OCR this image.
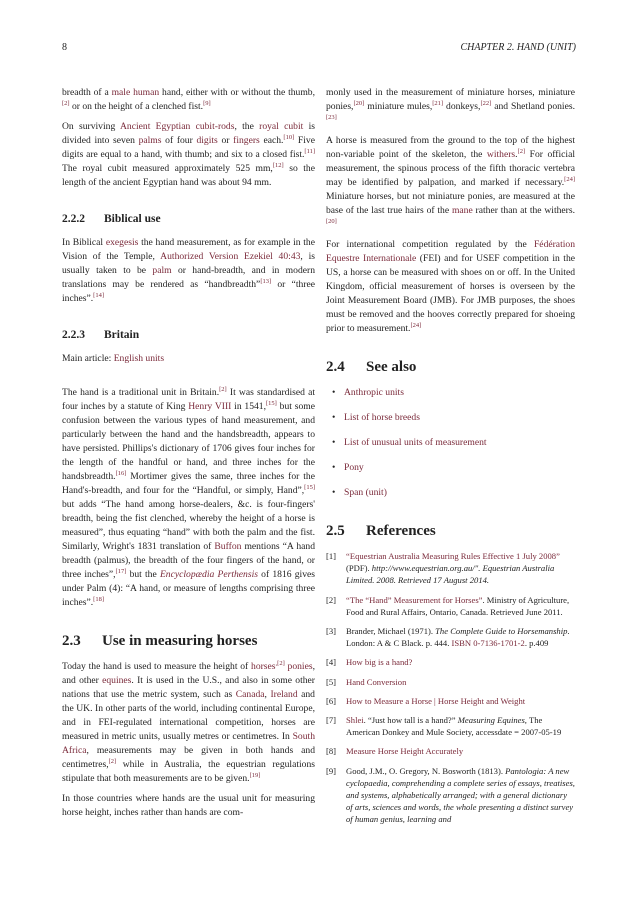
8	CHAPTER 2. HAND (UNIT)

breadth of a male human hand, either with or without the thumb,[2] or on the height of a clenched fist.[9]

On surviving Ancient Egyptian cubit-rods, the royal cubit is divided into seven palms of four digits or fingers each.[10] Five digits are equal to a hand, with thumb; and six to a closed fist.[11] The royal cubit measured approximately 525 mm,[12] so the length of the ancient Egyptian hand was about 94 mm.

2.2.2 Biblical use

In Biblical exegesis the hand measurement, as for example in the Vision of the Temple, Authorized Version Ezekiel 40:43, is usually taken to be palm or hand-breadth, and in modern translations may be rendered as “handbreadth”[13] or “three inches”.[14]

2.2.3 Britain

Main article: English units

The hand is a traditional unit in Britain.[2] It was standardised at four inches by a statute of King Henry VIII in 1541,[15] but some confusion between the various types of hand measurement, and particularly between the hand and the handsbreadth, appears to have persisted. Phillips's dictionary of 1706 gives four inches for the length of the handful or hand, and three inches for the handsbreadth.[16] Mortimer gives the same, three inches for the Hand's-breadth, and four for the “Handful, or simply, Hand”,[15] but adds “The hand among horse-dealers, &c. is four-fingers' breadth, being the fist clenched, whereby the height of a horse is measured”, thus equating “hand” with both the palm and the fist. Similarly, Wright's 1831 translation of Buffon mentions “A hand breadth (palmus), the breadth of the four fingers of the hand, or three inches”,[17] but the Encyclopædia Perthensis of 1816 gives under Palm (4): “A hand, or measure of lengths comprising three inches”.[18]

2.3 Use in measuring horses

Today the hand is used to measure the height of horses$^{,[2]}$ ponies, and other equines. It is used in the U.S., and also in some other nations that use the metric system, such as Canada, Ireland and the UK. In other parts of the world, including continental Europe, and in FEI-regulated international competition, horses are measured in metric units, usually metres or centimetres. In South Africa, measurements may be given in both hands and centimetres,[2] while in Australia, the equestrian regulations stipulate that both measurements are to be given.[19]

In those countries where hands are the usual unit for measuring horse height, inches rather than hands are com-

monly used in the measurement of miniature horses, miniature ponies,[20] miniature mules,[21] donkeys,[22] and Shetland ponies.[23]

A horse is measured from the ground to the top of the highest non-variable point of the skeleton, the withers.[2] For official measurement, the spinous process of the fifth thoracic vertebra may be identified by palpation, and marked if necessary.[24] Miniature horses, but not miniature ponies, are measured at the base of the last true hairs of the mane rather than at the withers.[20]

For international competition regulated by the Fédération Equestre Internationale (FEI) and for USEF competition in the US, a horse can be measured with shoes on or off. In the United Kingdom, official measurement of horses is overseen by the Joint Measurement Board (JMB). For JMB purposes, the shoes must be removed and the hooves correctly prepared for shoeing prior to measurement.[24]

2.4 See also
• Anthropic units
• List of horse breeds
• List of unusual units of measurement
• Pony
• Span (unit)
2.5 References
[1]	“Equestrian Australia Measuring Rules Effective 1 July 2008” (PDF). http://www.equestrian.org.au/". Equestrian Australia Limited. 2008. Retrieved 17 August 2014.
[2]	“The “Hand” Measurement for Horses”. Ministry of Agriculture, Food and Rural Affairs, Ontario, Canada. Retrieved June 2011.
[3]	Brander, Michael (1971). The Complete Guide to Horsemanship. London: A & C Black. p. 444. ISBN 0-7136-1701-2. p.409
[4]	How big is a hand?
[5]	Hand Conversion
[6]	How to Measure a Horse | Horse Height and Weight
[7]	Shlei. “Just how tall is a hand?” Measuring Equines, The American Donkey and Mule Society, accessdate = 2007-05-19
[8]	Measure Horse Height Accurately
[9]	Good, J.M., O. Gregory, N. Bosworth (1813). Pantologia: A new cyclopaedia, comprehending a complete series of essays, treatises, and systems, alphabetically arranged; with a general dictionary of arts, sciences and words, the whole presenting a distinct survey of human genius, learning and
